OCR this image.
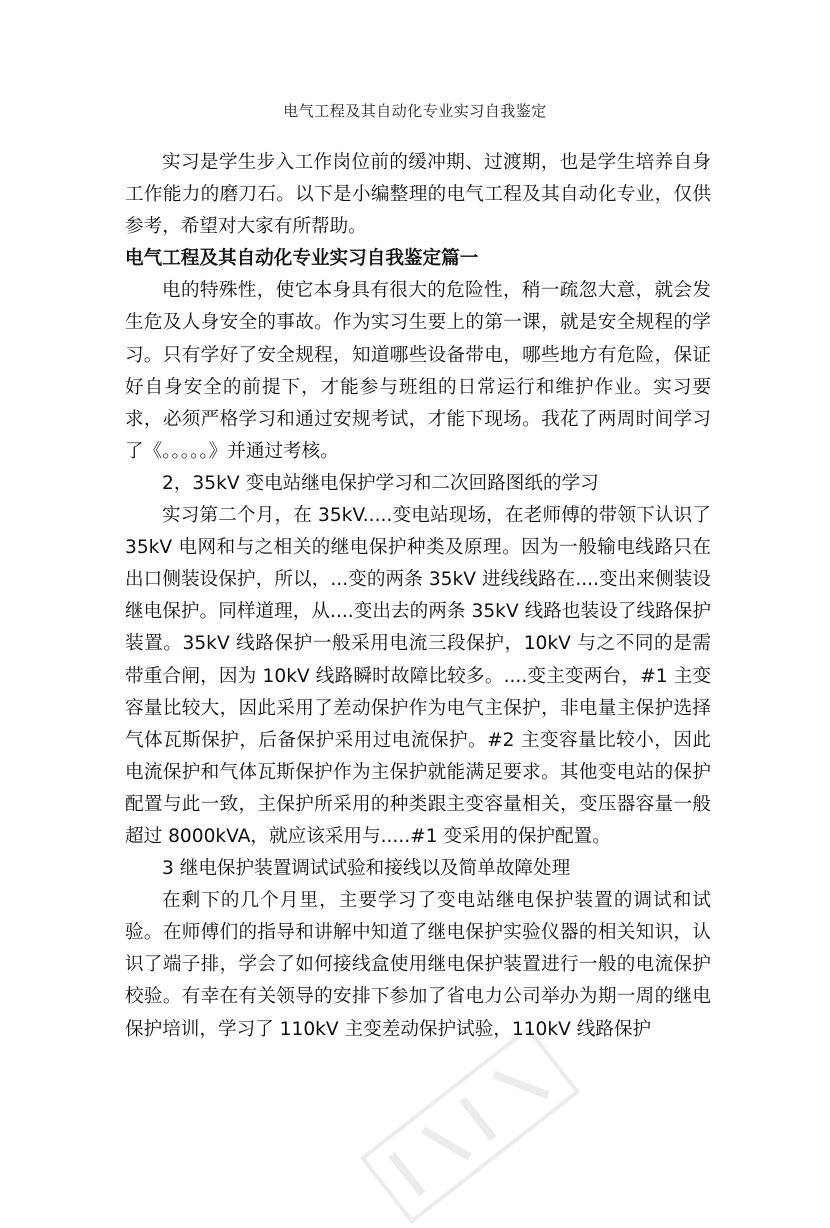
电气工程及其自动化专业实习自我鉴定

实习是学生步入工作岗位前的缓冲期、过渡期，也是学生培养自身工作能力的磨刀石。以下是小编整理的电气工程及其自动化专业，仅供参考，希望对大家有所帮助。

电气工程及其自动化专业实习自我鉴定篇一

电的特殊性，使它本身具有很大的危险性，稍一疏忽大意，就会发生危及人身安全的事故。作为实习生要上的第一课，就是安全规程的学习。只有学好了安全规程，知道哪些设备带电，哪些地方有危险，保证好自身安全的前提下，才能参与班组的日常运行和维护作业。实习要求，必须严格学习和通过安规考试，才能下现场。我花了两周时间学习了《。。。。。》并通过考核。

2，35kV 变电站继电保护学习和二次回路图纸的学习

实习第二个月，在 35kV.....变电站现场，在老师傅的带领下认识了 35kV 电网和与之相关的继电保护种类及原理。因为一般输电线路只在出口侧装设保护，所以，...变的两条 35kV 进线线路在....变出来侧装设继电保护。同样道理，从....变出去的两条 35kV 线路也装设了线路保护装置。35kV 线路保护一般采用电流三段保护，10kV 与之不同的是需带重合闸，因为 10kV 线路瞬时故障比较多。....变主变两台，#1 主变容量比较大，因此采用了差动保护作为电气主保护，非电量主保护选择气体瓦斯保护，后备保护采用过电流保护。#2 主变容量比较小，因此电流保护和气体瓦斯保护作为主保护就能满足要求。其他变电站的保护配置与此一致，主保护所采用的种类跟主变容量相关，变压器容量一般超过 8000kVA，就应该采用与.....#1 变采用的保护配置。

3 继电保护装置调试试验和接线以及简单故障处理

在剩下的几个月里，主要学习了变电站继电保护装置的调试和试验。在师傅们的指导和讲解中知道了继电保护实验仪器的相关知识，认识了端子排，学会了如何接线盒使用继电保护装置进行一般的电流保护校验。有幸在有关领导的安排下参加了省电力公司举办为期一周的继电保护培训，学习了 110kV 主变差动保护试验，110kV 线路保护
